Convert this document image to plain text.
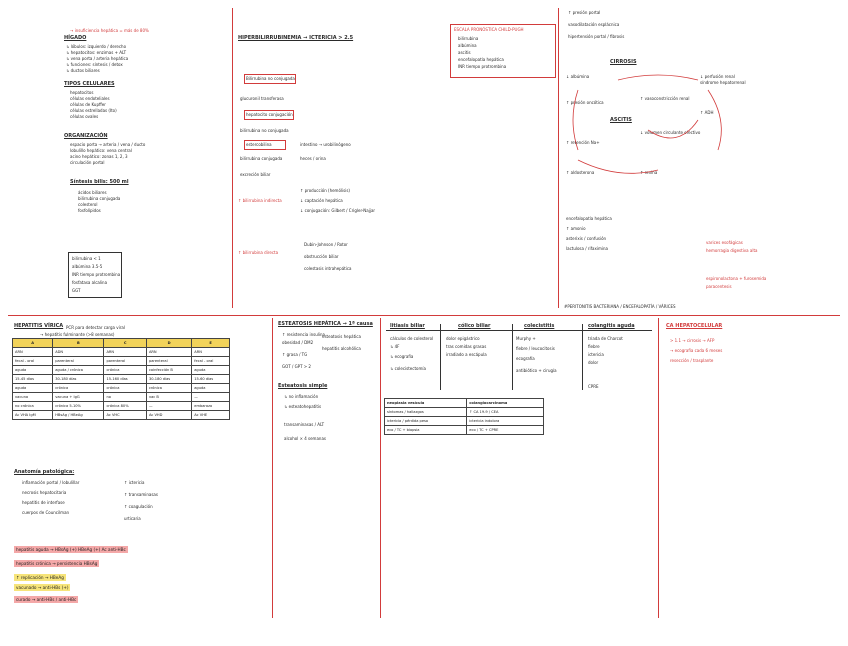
→ insuficiencia hepática = más de 80%
HÍGADO
↳ lóbulos: izquierdo / derecho
↳ hepatocitos: enzimas + ALT
↳ vena porta / arteria hepática
↳ funciones: síntesis / detox
↳ ductos biliares
TIPOS CELULARES
hepatocitos
células endoteliales
células de Kupffer
células estrelladas (Ito)
células ovales
ORGANIZACIÓN
espacio porta → arteria / vena / ducto
lobulillo hepático: vena central
acino hepático: zonas 1, 2, 3
circulación portal
Síntesis bilis: 500 ml
ácidos biliares
bilirrubina conjugada
colesterol
fosfolípidos
bilirrubina < 1
albúmina 3.5-5
INR tiempo protrombina
fosfatasa alcalina
GGT
HIPERBILIRRUBINEMIA → ICTERICIA > 2.5
Bilirrubina no conjugada
glucuronil transferasa
hepatocito conjugación
bilirrubina no conjugada
estercobilina
bilirrubina conjugada
excreción biliar
intestino → urobilinógeno
heces / orina
↑ bilirrubina indirecta
↑ producción (hemólisis)
↓ captación hepática
↓ conjugación: Gilbert / Crigler-Najjar
↑ bilirrubina directa
Dubin-Johnson / Rotor
obstrucción biliar
colestasis intrahepática
ESCALA PRONÓSTICA CHILD-PUGH
bilirrubina
albúmina
ascitis
encefalopatía hepática
INR tiempo protrombina
↑ presión portal
vasodilatación esplácnica
hipertensión portal / fibrosis
CIRROSIS
↓ albúmina
↑ presión oncótica
ASCITIS
↑ retención Na+
↑ aldosterona	↑ renina
↓ volumen circulante efectivo
↑ vasoconstricción renal
síndrome hepatorrenal
↑ ADH
↓ perfusión renal
encefalopatía hepática
↑ amonio
asterixis / confusión
lactulosa / rifaximina
varices esofágicas
hemorragia digestiva alta
espironolactona + furosemida
paracentesis
#PERITONITIS BACTERIANA / ENCEFALOPATÍA / VÁRICES
HEPATITIS VÍRICA PCR para detectar carga viral
→ hepatitis fulminante (>8 semanas)
A	B	C	D	E
ARN	ADN	ARN	ARN	ARN
fecal - oral	parenteral	parenteral	parenteral	fecal - oral
aguda	aguda / crónica	crónica	coinfección B	aguda
15-45 días	30-180 días	15-160 días	30-180 días	15-60 días
aguda	crónica	crónica	crónica	aguda
vacuna	vacuna + IgG	no	vac B	—
no crónica	crónica 5-10%	crónica 80%	—	embarazo
Ac VHA IgM	HBsAg / HBeAg	Ac VHC	Ac VHD	Ac VHE
Anatomía patológica:
inflamación portal / lobulillar
necrosis hepatocitaria
hepatitis de interfase
cuerpos de Councilman
↑ ictericia
↑ transaminasas
↑ coagulación
urticaria
hepatitis aguda → HBsAg (+) HBeAg (+) Ac anti-HBc
hepatitis crónica → persistencia HBsAg
↑ replicación → HBeAg
vacunado → anti-HBs (+)
curado → anti-HBs / anti-HBc
ESTEATOSIS HEPÁTICA → 1ª causa
↑ resistencia insulina
obesidad / DM2
↑ grasa / TG
GOT / GPT > 2
esteatosis hepática
hepatitis alcohólica
Esteatosis simple
↳ no inflamación
↳ esteatohepatitis
transaminasas / ALT
alcohol × 4 semanas
litiasis biliar
cálculos de colesterol
↳ 4F
↳ ecografía
↳ colecistectomía
cólico biliar
dolor epigástrico
tras comidas grasas
irradiado a escápula
colecistitis
Murphy +
fiebre / leucocitosis
ecografía
antibiótico + cirugía
colangitis aguda
triada de Charcot
fiebre
ictericia
dolor
CPRE
neoplasia vesícula	colangiocarcinoma
síntomas / hallazgos	↑ CA 19-9 / CEA
ictericia / pérdida peso	ictericia indolora
eco / TC + biopsia	eco / TC + CPRE
CA HEPATOCELULAR
> 1.1 → cirrosis → AFP
→ ecografía cada 6 meses
resección / trasplante
